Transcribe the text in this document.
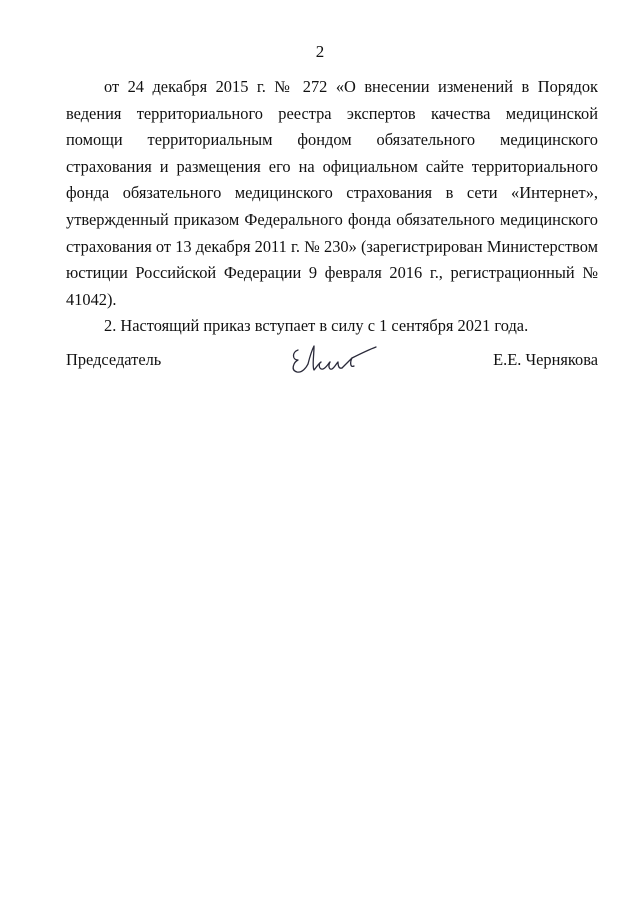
2

от 24 декабря 2015 г. № 272 «О внесении изменений в Порядок ведения территориального реестра экспертов качества медицинской помощи территориальным фондом обязательного медицинского страхования и размещения его на официальном сайте территориального фонда обязательного медицинского страхования в сети «Интернет», утвержденный приказом Федерального фонда обязательного медицинского страхования от 13 декабря 2011 г. № 230» (зарегистрирован Министерством юстиции Российской Федерации 9 февраля 2016 г., регистрационный № 41042).

2. Настоящий приказ вступает в силу с 1 сентября 2021 года.

Председатель	Е.Е. Чернякова
